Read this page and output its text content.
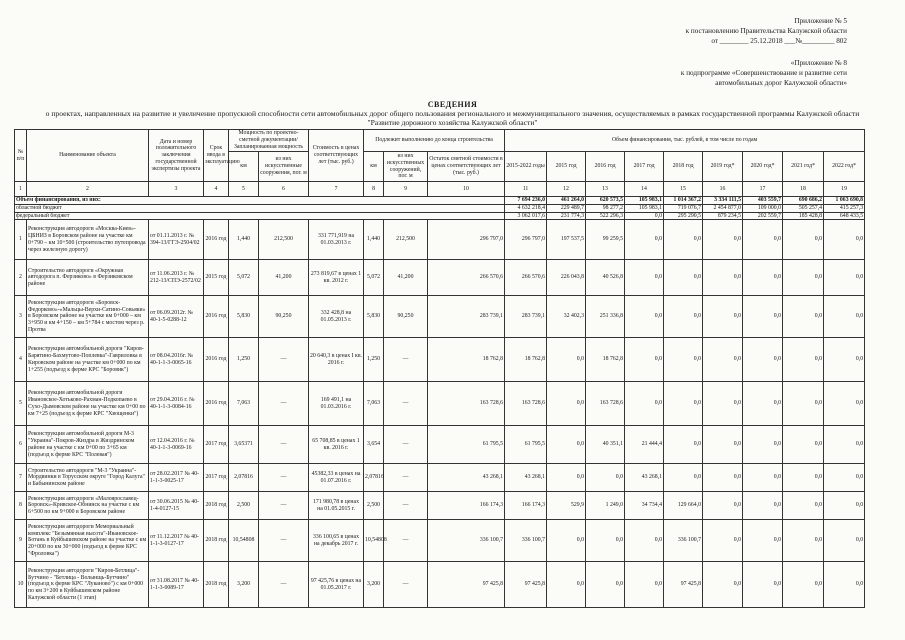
Приложение № 5
к постановлению Правительства Калужской области
от ________ 25.12.2018 ___№_________ 802
«Приложение № 8
к подпрограмме «Совершенствование и развитие сети
автомобильных дорог Калужской области»
СВЕДЕНИЯ
о проектах, направленных на развитие и увеличение пропускной способности сети автомобильных дорог общего пользования регионального и межмуниципального значения, осуществляемых в рамках государственной программы Калужской области
"Развитие дорожного хозяйства Калужской области"
№ п/п	Наименование объекта	Дата и номер положительного заключения государственной экспертизы проекта	Срок ввода в эксплуатацию	Мощность по проектно-сметной документации/ Запланированная мощность		Стоимость в ценах соответствующих лет (тыс. руб.)	Подлежит выполнению до конца строительства			Объем финансирования, тыс. рублей, в том числе по годам								
				км	из них искусственные сооружения, пог. м		км	из них искусственных сооружений, пог. м	Остаток сметной стоимости в ценах соответствующих лет (тыс. руб.)	2015-2022 годы	2015 год	2016 год	2017 год	2018 год	2019 год*	2020 год*	2021 год*	2022 год*

1	2	3	4	5	6	7	8	9	10	11	12	13	14	15	16	17	18	19
Объем финансирования, из них:										7 694 236,0	461 264,0	620 573,5	105 983,1	1 014 367,2	3 334 111,5	403 559,7	690 686,2	1 063 690,8
областной бюджет										4 632 218,4	229 489,7	98 277,2	105 983,1	719 076,7	2 454 877,0	109 000,0	505 257,4	415 257,3
федеральный бюджет										3 062 017,6	231 774,3	522 296,3	0,0	295 290,5	879 234,5	202 559,7	185 428,8	648 433,5
1	Реконструкция автодороги «Москва-Киев»-ЦБНИЗ в Боровском районе на участке км 0+790 – км 10+500 (строительство путепровода через железную дорогу)	от 01.11.2013 г. № 394-13/ГГЭ-2504/02	2016 год	1,440	212,500	331 771,919 на 01.03.2013 г.	1,440	212,500	296 797,0	296 797,0	197 537,5	99 259,5	0,0	0,0	0,0	0,0	0,0	0,0
2	Строительство автодороги «Окружная автодорога п. Ферзиково» в Ферзиковском районе	от 11.06.2013 г. № 212-13/СПЭ-2572/02	2015 год	5,072	41,200	273 819,67 в ценах 1 кв. 2012 г.	5,072	41,200	266 570,6	266 570,6	226 043,8	40 526,8	0,0	0,0	0,0	0,0	0,0	0,0
3	Реконструкция автодороги «Боровск-Федорково»-«Мальцы-Верхи-Сатино-Совьяки» в Боровском районе на участке км 0+000 – км 3+950 и км 4+150 – км 5+784 с мостом через р. Протва	от 06.09.2012г. № 40-1-5-0288-12	2016 год	5,830	90,250	332 428,8 на 01.05.2013 г.	5,830	90,250	283 739,1	283 739,1	32 402,3	251 336,8	0,0	0,0	0,0	0,0	0,0	0,0
4	Реконструкция автомобильной дороги "Киров-Барятино-Бахмутово-Поплевка"-Гавриловка в Кировском районе на участке км 0+000 по км 1+255 (подъезд к ферме КРС "Боровик")	от 08.04.2016г. № 40-1-1-3-0065-16	2016 год	1,250	—	20 640,3 в ценах I кв. 2016 г.	1,250	—	18 762,8	18 762,8	0,0	18 762,8	0,0	0,0	0,0	0,0	0,0	0,0
5	Реконструкция автомобильной дороги Ивановское-Хотьково-Рахман-Подкопаево в Сухо-Дымовском районе на участке км 0+00 по км 7+25 (подъезд к ферме КРС "Хвощенки")	от 29.04.2016 г. № 40-1-1-3-0084-16	2016 год	7,063	—	169 491,1 на 01.03.2016 г.	7,063	—	163 728,6	163 728,6	0,0	163 728,6	0,0	0,0	0,0	0,0	0,0	0,0
6	Реконструкция автомобильной дороги М-3 "Украина"-Покров-Жиздра в Жиздринском районе на участке с км 0+00 по 3+65 км (подъезд к ферме КРС "Полевая")	от 12.04.2016 г. № 40-1-1-3-0069-16	2017 год	3,65371	—	65 708,85 в ценах 1 кв. 2016 г.	3,654	—	61 795,5	61 795,5	0,0	40 351,1	21 444,4	0,0	0,0	0,0	0,0	0,0
7	Строительство автодороги "М-3 "Украина"-Мордвинки в Торусском округе "Город Калуга" и Бабынинском районе	от 28.02.2017 № 40-1-1-3-0025-17	2017 год	2,07816	—	45382,33 в ценах на 01.07.2016 г.	2,07816	—	43 268,1	43 268,1	0,0	0,0	43 268,1	0,0	0,0	0,0	0,0	0,0
8	Реконструкция автодороги «Малоярославец-Боровск»-Кривское-Обнинск на участке с км 6+500 по км 9+000 в Боровском районе	от 30.06.2015 № 40-1-4-0127-15	2018 год	2,500	—	171 980,78 в ценах на 01.05.2015 г.	2,500	—	166 174,3	166 174,3	529,9	1 249,0	34 734,4	129 664,0	0,0	0,0	0,0	0,0
9	Реконструкция автодороги Мемориальный комплекс "Безымянная высота"-Ивановское-Ботань в Куйбышевском районе на участке с км 20+000 по км 30+000 (подъезд к ферме КРС "Фроловка")	от 11.12.2017 № 40-1-1-3-0127-17	2018 год	10,54808	—	336 100,65 в ценах на декабрь 2017 г.	10,54808	—	336 100,7	336 100,7	0,0	0,0	0,0	336 100,7	0,0	0,0	0,0	0,0
10	Реконструкция автодороги "Киров-Бетлица"-Бутчино - "Бетлица - Волынщь-Бутчино" (подъезд к ферме КРС "Луканово") с км 0+000 по км 3+200 в Куйбышевском районе Калужской области (1 этап)	от 31.08.2017 № 40-1-1-3-0089-17	2018 год	3,200	—	97 425,76 в ценах на 01.05.2017 г.	3,200	—	97 425,8	97 425,8	0,0	0,0	0,0	97 425,8	0,0	0,0	0,0	0,0
